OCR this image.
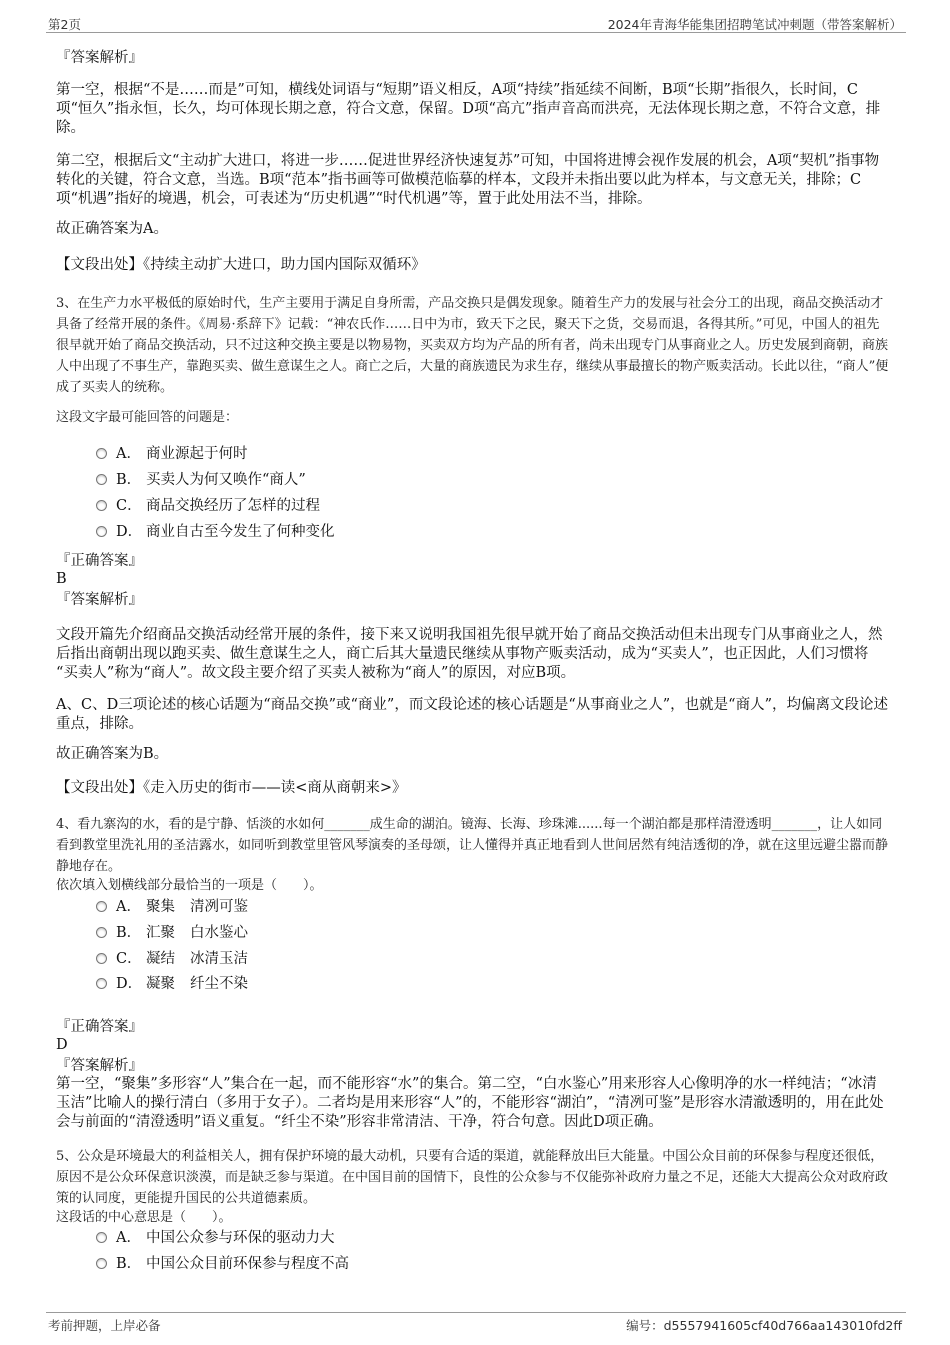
第2页	2024年青海华能集团招聘笔试冲刺题（带答案解析）
『答案解析』
第一空，根据“不是……而是”可知，横线处词语与“短期”语义相反，A项“持续”指延续不间断，B项“长期”指很久，长时间，C项“恒久”指永恒，长久，均可体现长期之意，符合文意，保留。D项“高亢”指声音高而洪亮，无法体现长期之意，不符合文意，排除。
第二空，根据后文“主动扩大进口，将进一步……促进世界经济快速复苏”可知，中国将进博会视作发展的机会，A项“契机”指事物转化的关键，符合文意，当选。B项“范本”指书画等可做模范临摹的样本，文段并未指出要以此为样本，与文意无关，排除；C项“机遇”指好的境遇，机会，可表述为“历史机遇”“时代机遇”等，置于此处用法不当，排除。
故正确答案为A。
【文段出处】《持续主动扩大进口，助力国内国际双循环》
3、在生产力水平极低的原始时代，生产主要用于满足自身所需，产品交换只是偶发现象。随着生产力的发展与社会分工的出现，商品交换活动才具备了经常开展的条件。《周易·系辞下》记载：“神农氏作……日中为市，致天下之民，聚天下之货，交易而退，各得其所。”可见，中国人的祖先很早就开始了商品交换活动，只不过这种交换主要是以物易物，买卖双方均为产品的所有者，尚未出现专门从事商业之人。历史发展到商朝，商族人中出现了不事生产，靠跑买卖、做生意谋生之人。商亡之后，大量的商族遗民为求生存，继续从事最擅长的物产贩卖活动。长此以往，“商人”便成了买卖人的统称。
这段文字最可能回答的问题是：
A． 商业源起于何时
B． 买卖人为何又唤作“商人”
C． 商品交换经历了怎样的过程
D． 商业自古至今发生了何种变化
『正确答案』
B
『答案解析』
文段开篇先介绍商品交换活动经常开展的条件，接下来又说明我国祖先很早就开始了商品交换活动但未出现专门从事商业之人，然后指出商朝出现以跑买卖、做生意谋生之人，商亡后其大量遗民继续从事物产贩卖活动，成为“买卖人”，也正因此，人们习惯将 “买卖人”称为“商人”。故文段主要介绍了买卖人被称为“商人”的原因，对应B项。
A、C、D三项论述的核心话题为“商品交换”或“商业”，而文段论述的核心话题是“从事商业之人”，也就是“商人”，均偏离文段论述重点，排除。
故正确答案为B。
【文段出处】《走入历史的街市——读<商从商朝来>》
4、看九寨沟的水，看的是宁静、恬淡的水如何_______成生命的湖泊。镜海、长海、珍珠滩......每一个湖泊都是那样清澄透明_______，让人如同看到教堂里洗礼用的圣洁露水，如同听到教堂里管风琴演奏的圣母颂，让人懂得并真正地看到人世间居然有纯洁透彻的净，就在这里远避尘嚣而静静地存在。
依次填入划横线部分最恰当的一项是（　　）。
A． 聚集 清冽可鉴
B． 汇聚 白水鉴心
C． 凝结 冰清玉洁
D． 凝聚 纤尘不染
『正确答案』
D
『答案解析』
第一空，“聚集”多形容“人”集合在一起，而不能形容“水”的集合。第二空，“白水鉴心”用来形容人心像明净的水一样纯洁；“冰清玉洁”比喻人的操行清白（多用于女子）。二者均是用来形容“人”的，不能形容“湖泊”，“清冽可鉴”是形容水清澈透明的，用在此处会与前面的“清澄透明”语义重复。“纤尘不染”形容非常清洁、干净，符合句意。因此D项正确。
5、公众是环境最大的利益相关人，拥有保护环境的最大动机，只要有合适的渠道，就能释放出巨大能量。中国公众目前的环保参与程度还很低，原因不是公众环保意识淡漠，而是缺乏参与渠道。在中国目前的国情下，良性的公众参与不仅能弥补政府力量之不足，还能大大提高公众对政府政策的认同度，更能提升国民的公共道德素质。
这段话的中心意思是（　　）。
A． 中国公众参与环保的驱动力大
B． 中国公众目前环保参与程度不高
考前押题，上岸必备	编号：d5557941605cf40d766aa143010fd2ff
